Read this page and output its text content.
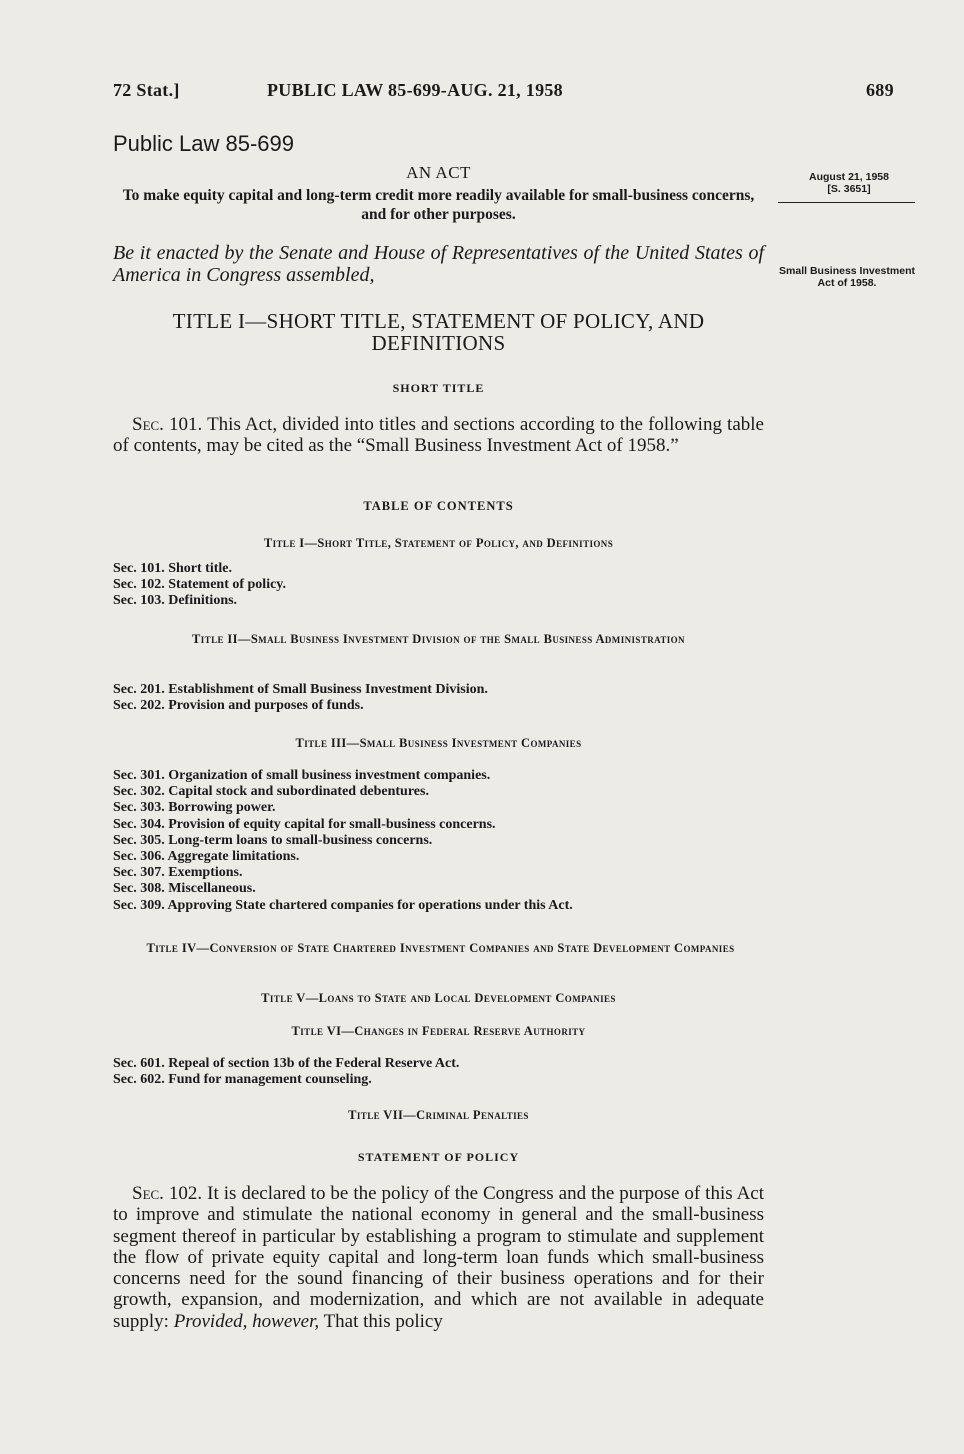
72 Stat.]	PUBLIC LAW 85-699-AUG. 21, 1958	689
Public Law 85-699
AN ACT
To make equity capital and long-term credit more readily available for small-business concerns, and for other purposes.
August 21, 1958
[S. 3651]
Small Business Investment Act of 1958.
Be it enacted by the Senate and House of Representatives of the United States of America in Congress assembled,
TITLE I—SHORT TITLE, STATEMENT OF POLICY, AND DEFINITIONS
SHORT TITLE
Sec. 101. This Act, divided into titles and sections according to the following table of contents, may be cited as the “Small Business Investment Act of 1958.”
TABLE OF CONTENTS
Title I—Short Title, Statement of Policy, and Definitions
Sec. 101. Short title.
Sec. 102. Statement of policy.
Sec. 103. Definitions.
Title II—Small Business Investment Division of the Small Business Administration
Sec. 201. Establishment of Small Business Investment Division.
Sec. 202. Provision and purposes of funds.
Title III—Small Business Investment Companies
Sec. 301. Organization of small business investment companies.
Sec. 302. Capital stock and subordinated debentures.
Sec. 303. Borrowing power.
Sec. 304. Provision of equity capital for small-business concerns.
Sec. 305. Long-term loans to small-business concerns.
Sec. 306. Aggregate limitations.
Sec. 307. Exemptions.
Sec. 308. Miscellaneous.
Sec. 309. Approving State chartered companies for operations under this Act.
Title IV—Conversion of State Chartered Investment Companies and State Development Companies
Title V—Loans to State and Local Development Companies
Title VI—Changes in Federal Reserve Authority
Sec. 601. Repeal of section 13b of the Federal Reserve Act.
Sec. 602. Fund for management counseling.
Title VII—Criminal Penalties
STATEMENT OF POLICY
Sec. 102. It is declared to be the policy of the Congress and the purpose of this Act to improve and stimulate the national economy in general and the small-business segment thereof in particular by establishing a program to stimulate and supplement the flow of private equity capital and long-term loan funds which small-business concerns need for the sound financing of their business operations and for their growth, expansion, and modernization, and which are not available in adequate supply: Provided, however, That this policy
